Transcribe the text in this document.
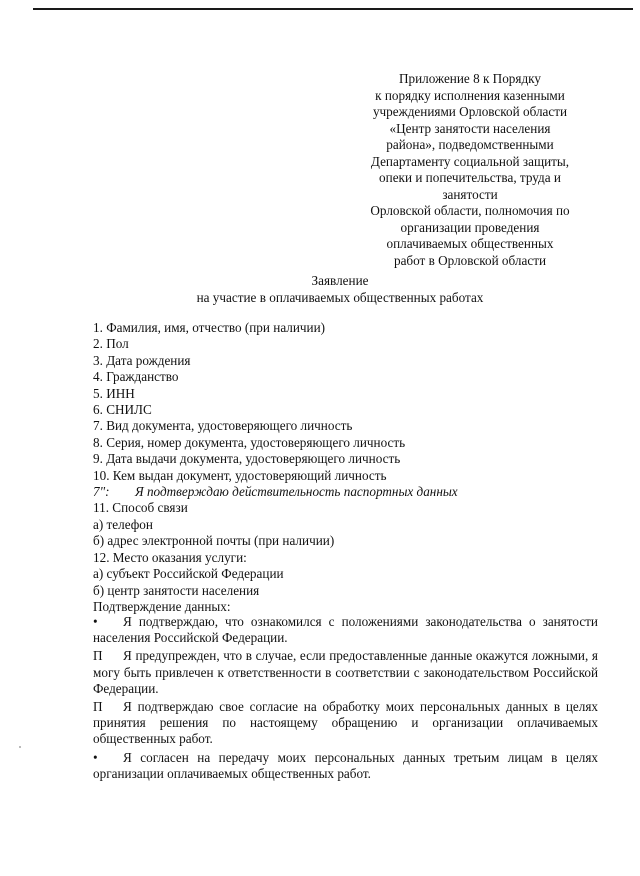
Приложение 8 к Порядку
к порядку исполнения казенными
учреждениями Орловской области
«Центр занятости населения
района», подведомственными
Департаменту социальной защиты,
опеки и попечительства, труда и
занятости
Орловской области, полномочия по
организации проведения
оплачиваемых общественных
работ в Орловской области
Заявление
на участие в оплачиваемых общественных работах
1. Фамилия, имя, отчество (при наличии)
2. Пол
3. Дата рождения
4. Гражданство
5. ИНН
6. СНИЛС
7. Вид документа, удостоверяющего личность
8. Серия, номер документа, удостоверяющего личность
9. Дата выдачи документа, удостоверяющего личность
10. Кем выдан документ, удостоверяющий личность
7":	Я подтверждаю действительность паспортных данных
11. Способ связи
а) телефон
б) адрес электронной почты (при наличии)
12. Место оказания услуги:
а) субъект Российской Федерации
б) центр занятости населения
Подтверждение данных:
• Я подтверждаю, что ознакомился с положениями законодательства о занятости населения Российской Федерации.
П Я предупрежден, что в случае, если предоставленные данные окажутся ложными, я могу быть привлечен к ответственности в соответствии с законодательством Российской Федерации.
П Я подтверждаю свое согласие на обработку моих персональных данных в целях принятия решения по настоящему обращению и организации оплачиваемых общественных работ.
• Я согласен на передачу моих персональных данных третьим лицам в целях организации оплачиваемых общественных работ.
